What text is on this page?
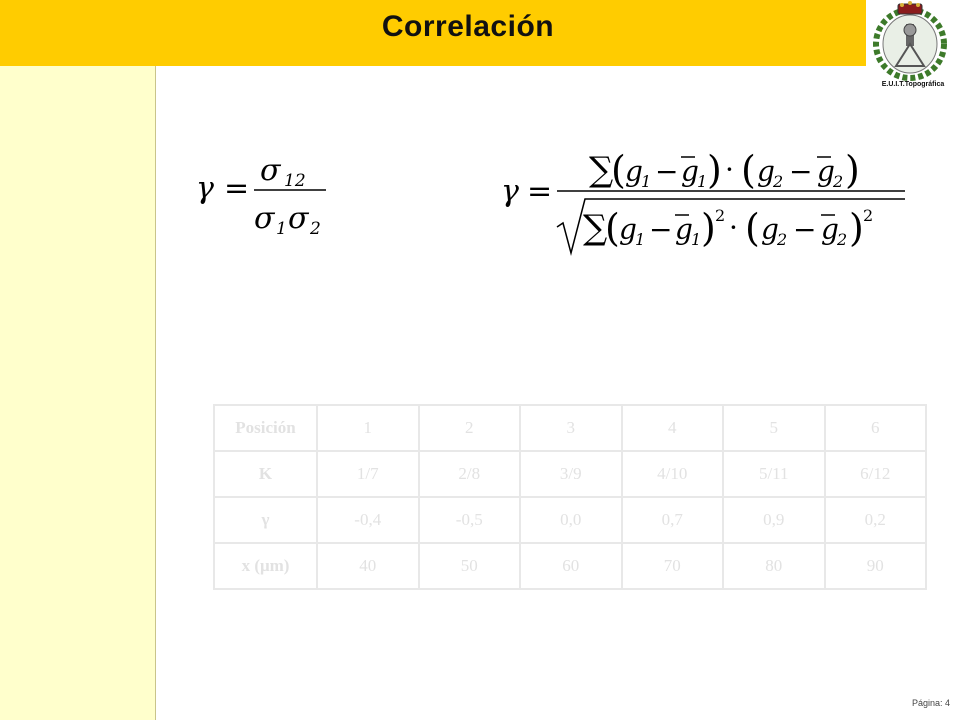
Correlación
E.U.I.T.Topográfica
γ =
σ 12
σ 1 σ 2
γ =
∑
( g
1 − g
1 ) · ( g
2 − g
2 )
∑
( g
1 − g
1 ) 2 · ( g
2 − g
2 ) 2
Posición	1	2	3	4	5	6
K	1/7	2/8	3/9	4/10	5/11	6/12
γ	-0,4	-0,5	0,0	0,7	0,9	0,2
x (μm)	40	50	60	70	80	90
Página: 4
